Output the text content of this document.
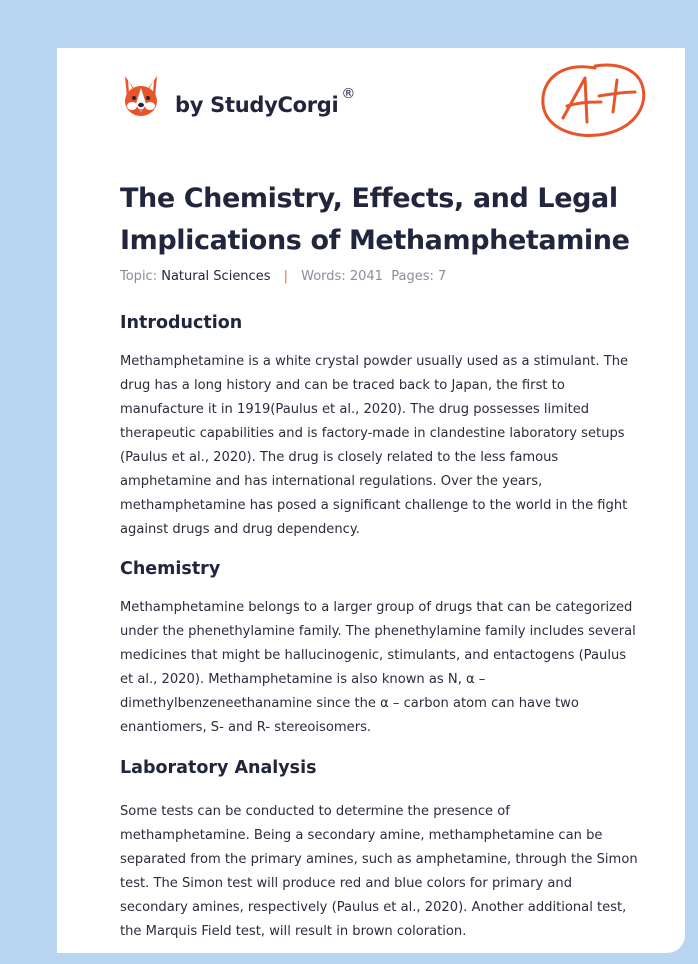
by StudyCorgi ®
A+
The Chemistry, Effects, and Legal Implications of Methamphetamine
Topic: Natural Sciences | Words: 2041 Pages: 7
Introduction

Methamphetamine is a white crystal powder usually used as a stimulant. The drug has a long history and can be traced back to Japan, the first to manufacture it in 1919(Paulus et al., 2020). The drug possesses limited therapeutic capabilities and is factory-made in clandestine laboratory setups (Paulus et al., 2020). The drug is closely related to the less famous amphetamine and has international regulations. Over the years, methamphetamine has posed a significant challenge to the world in the fight against drugs and drug dependency.

Chemistry

Methamphetamine belongs to a larger group of drugs that can be categorized under the phenethylamine family. The phenethylamine family includes several medicines that might be hallucinogenic, stimulants, and entactogens (Paulus et al., 2020). Methamphetamine is also known as N, α – dimethylbenzeneethanamine since the α – carbon atom can have two enantiomers, S- and R- stereoisomers.

Laboratory Analysis

Some tests can be conducted to determine the presence of methamphetamine. Being a secondary amine, methamphetamine can be separated from the primary amines, such as amphetamine, through the Simon test. The Simon test will produce red and blue colors for primary and secondary amines, respectively (Paulus et al., 2020). Another additional test, the Marquis Field test, will result in brown coloration.
